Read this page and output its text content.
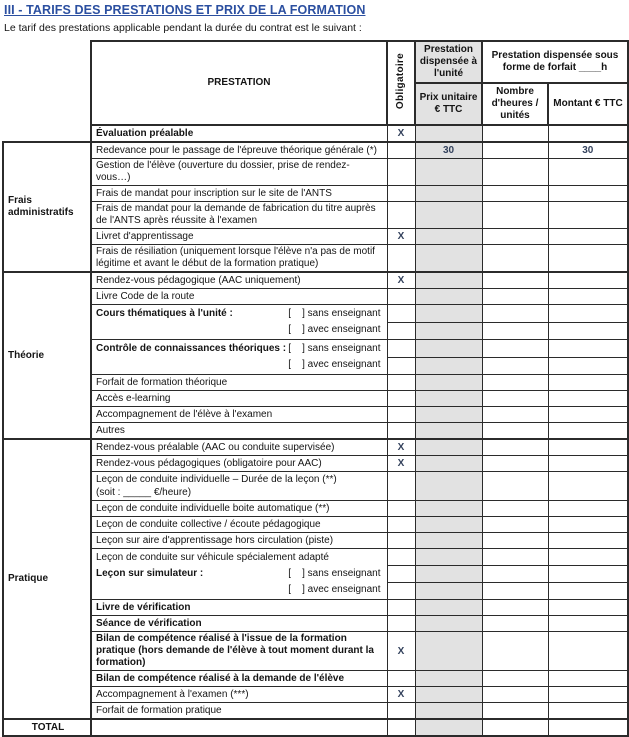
III - TARIFS DES PRESTATIONS ET PRIX DE LA FORMATION
Le tarif des prestations applicable pendant la durée du contrat est le suivant :
	PRESTATION	Obligatoire	Prestation dispensée à l'unité	Prestation dispensée sous forme de forfait ____h	
			Prix unitaire € TTC	Nombre d'heures / unités	Montant € TTC

	Évaluation préalable	X			
Frais administratifs	Redevance pour le passage de l'épreuve théorique générale (*)		30		30

	Gestion de l'élève (ouverture du dossier, prise de rendez- vous…)				

	Frais de mandat pour inscription sur le site de l'ANTS				

	Frais de mandat pour la demande de fabrication du titre auprès de l'ANTS après réussite à l'examen				

	Livret d'apprentissage	X			

	Frais de résiliation (uniquement lorsque l'élève n'a pas de motif légitime et avant le début de la formation pratique)				

Théorie	Rendez-vous pédagogique (AAC uniquement)	X			

	Livre Code de la route				

	Cours thématiques à l'unité : [    ] sans enseignant
[    ] avec enseignant				

	Contrôle de connaissances théoriques : [    ] sans enseignant
[    ] avec enseignant				

	Forfait de formation théorique				

	Accès e-learning				

	Accompagnement de l'élève à l'examen				

	Autres				

Pratique	Rendez-vous préalable (AAC ou conduite supervisée)	X			

	Rendez-vous pédagogiques (obligatoire pour AAC)	X			

	Leçon de conduite individuelle – Durée de la leçon (**)
(soit : _____ €/heure)				

	Leçon de conduite individuelle boite automatique (**)				

	Leçon de conduite collective / écoute pédagogique				

	Leçon sur aire d'apprentissage hors circulation (piste)				

	Leçon de conduite sur véhicule spécialement adapté
Leçon sur simulateur : [    ] sans enseignant
[    ] avec enseignant				

	Livre de vérification				

	Séance de vérification				

	Bilan de compétence réalisé à l'issue de la formation pratique (hors demande de l'élève à tout moment durant la formation)	X			

	Bilan de compétence réalisé à la demande de l'élève				

	Accompagnement à l'examen (***)	X			

	Forfait de formation pratique				

TOTAL	
